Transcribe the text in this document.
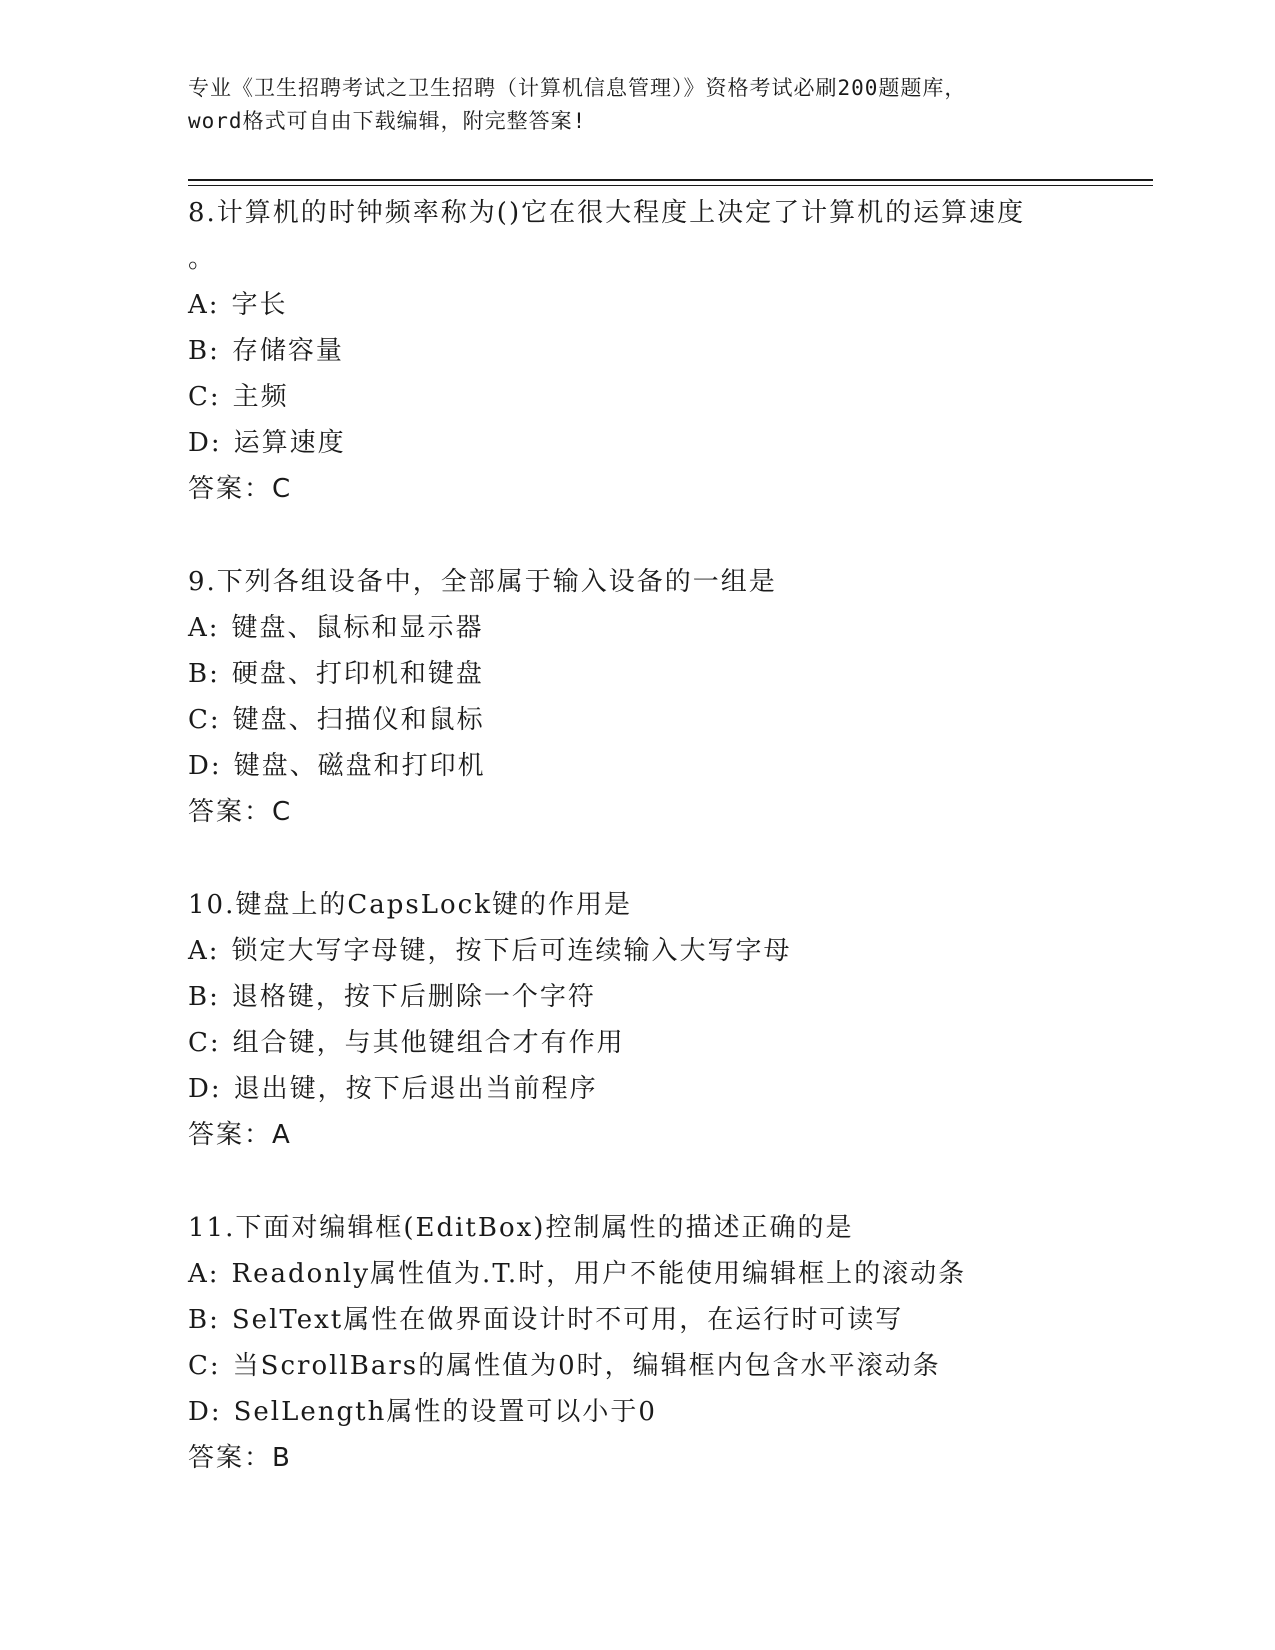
专业《卫生招聘考试之卫生招聘（计算机信息管理）》资格考试必刷200题题库，
word格式可自由下载编辑，附完整答案!
8.计算机的时钟频率称为()它在很大程度上决定了计算机的运算速度
。
A: 字长
B: 存储容量
C: 主频
D: 运算速度
答案：C
9.下列各组设备中，全部属于输入设备的一组是
A: 键盘、鼠标和显示器
B: 硬盘、打印机和键盘
C: 键盘、扫描仪和鼠标
D: 键盘、磁盘和打印机
答案：C
10.键盘上的CapsLock键的作用是
A: 锁定大写字母键，按下后可连续输入大写字母
B: 退格键，按下后删除一个字符
C: 组合键，与其他键组合才有作用
D: 退出键，按下后退出当前程序
答案：A
11.下面对编辑框(EditBox)控制属性的描述正确的是
A: Readonly属性值为.T.时，用户不能使用编辑框上的滚动条
B: SelText属性在做界面设计时不可用，在运行时可读写
C: 当ScrollBars的属性值为0时，编辑框内包含水平滚动条
D: SelLength属性的设置可以小于0
答案：B
